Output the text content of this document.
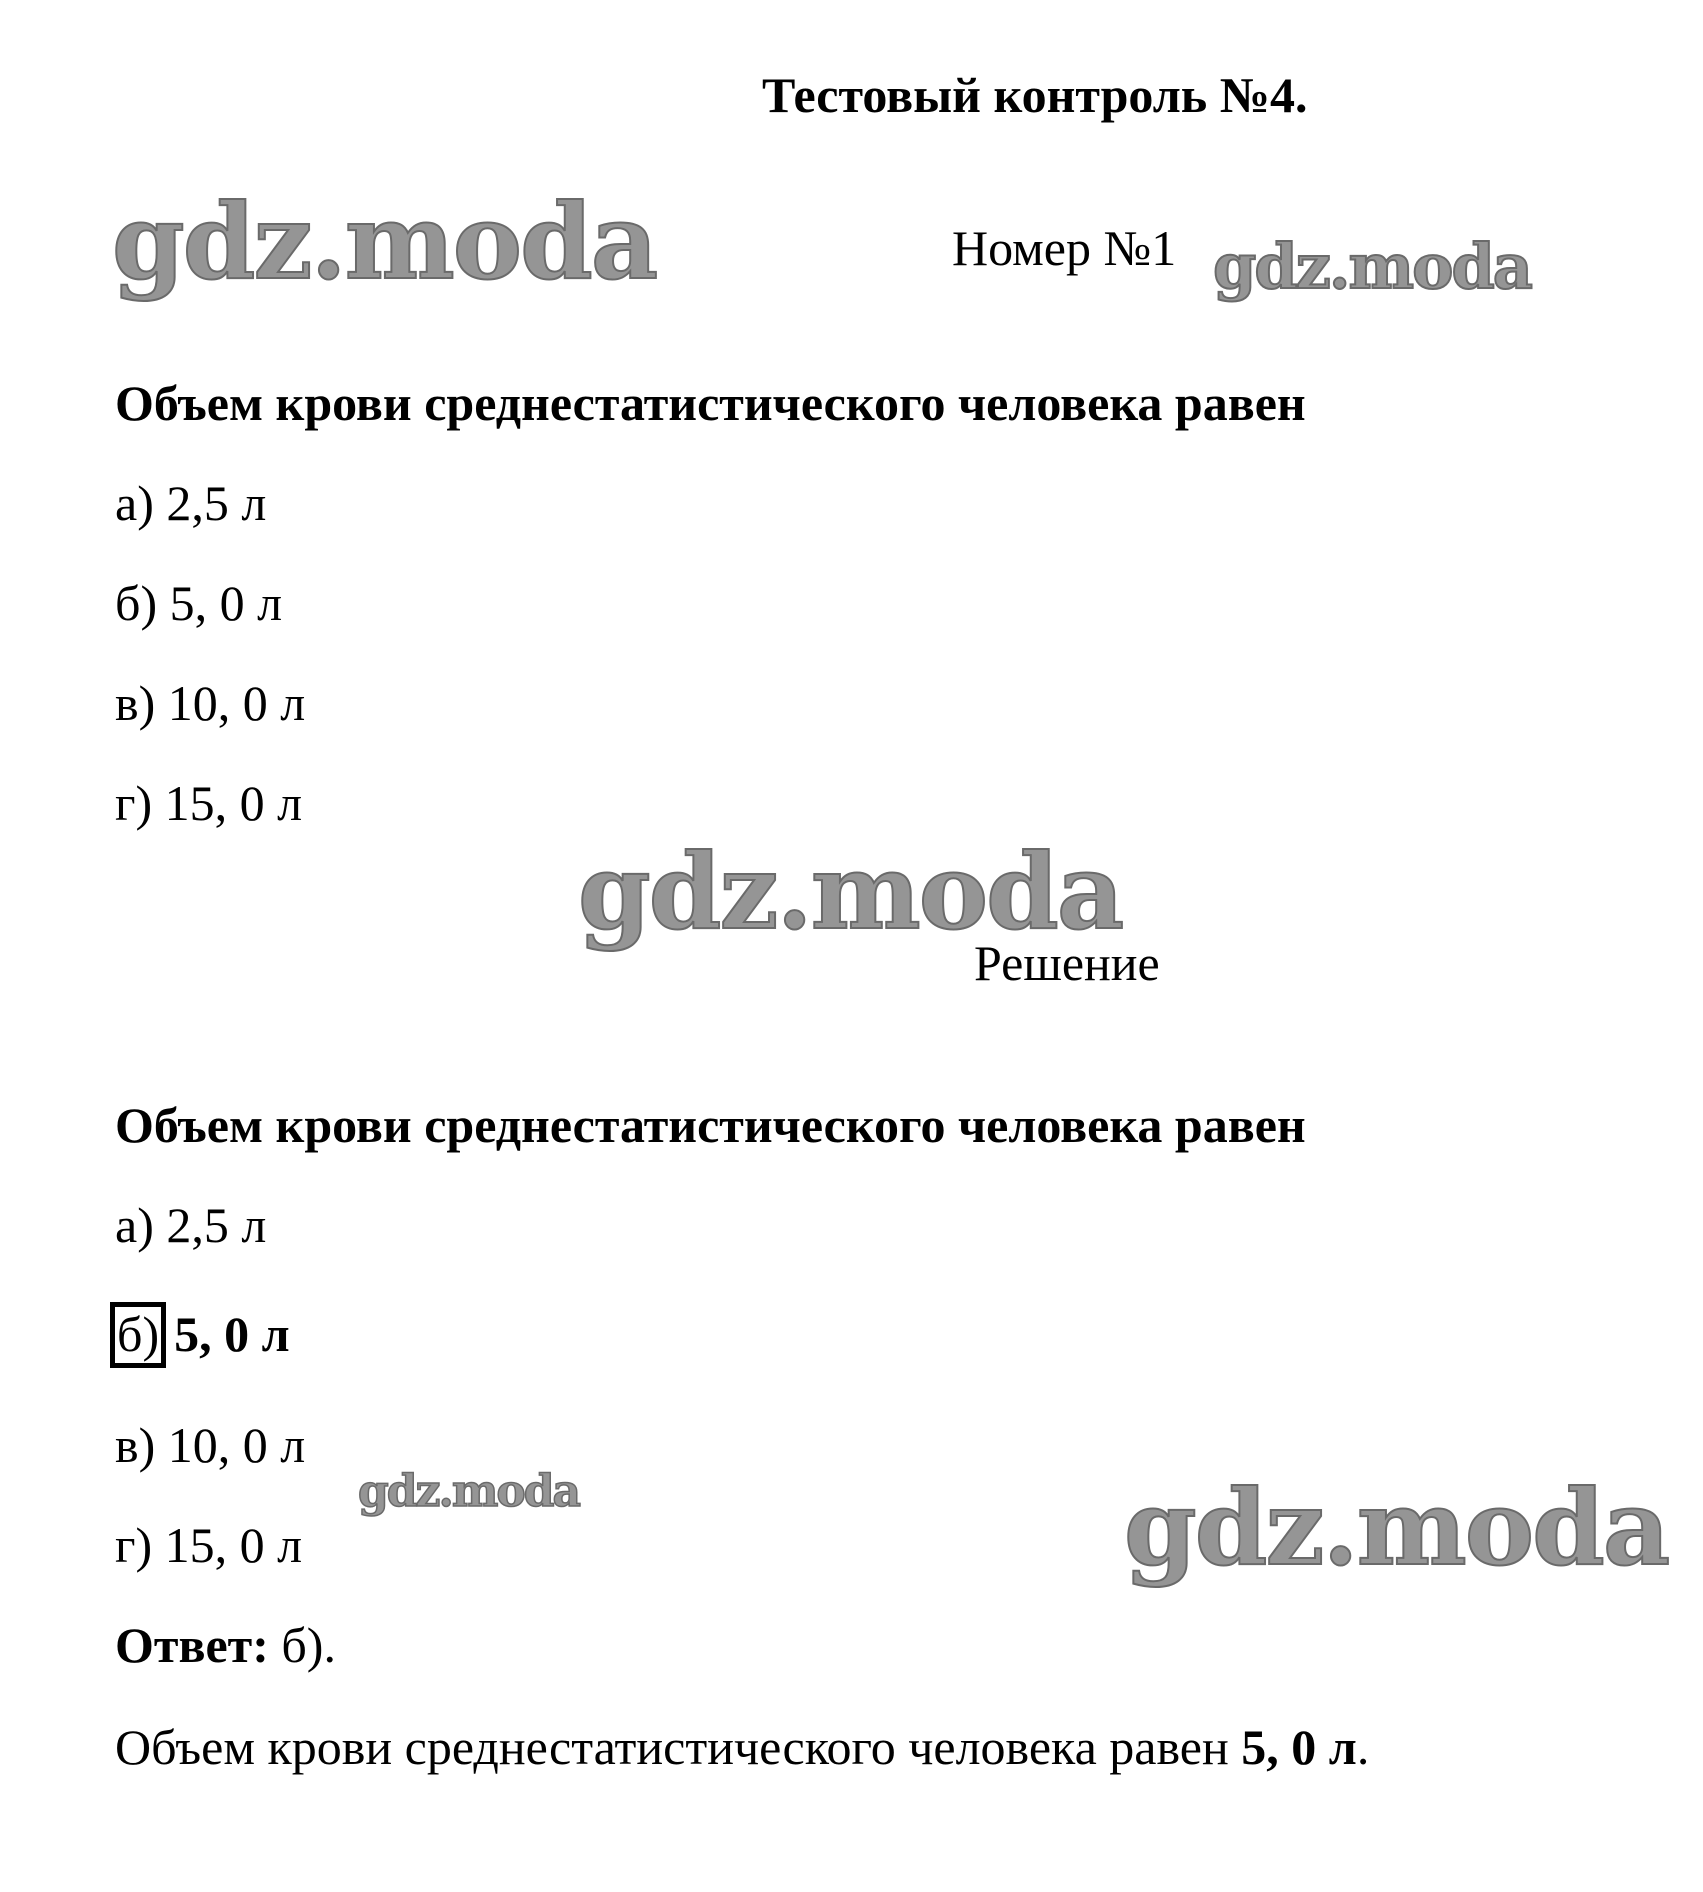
Тестовый контроль №4.
gdz.moda	Номер №1 gdz.moda
Объем крови среднестатистического человека равен
а) 2,5 л
б) 5, 0 л
в) 10, 0 л
г) 15, 0 л
gdz.moda
Решение
Объем крови среднестатистического человека равен
а) 2,5 л
б) 5, 0 л
в) 10, 0 л
gdz.moda
г) 15, 0 л	gdz.moda
Ответ: б).
Объем крови среднестатистического человека равен 5, 0 л.
